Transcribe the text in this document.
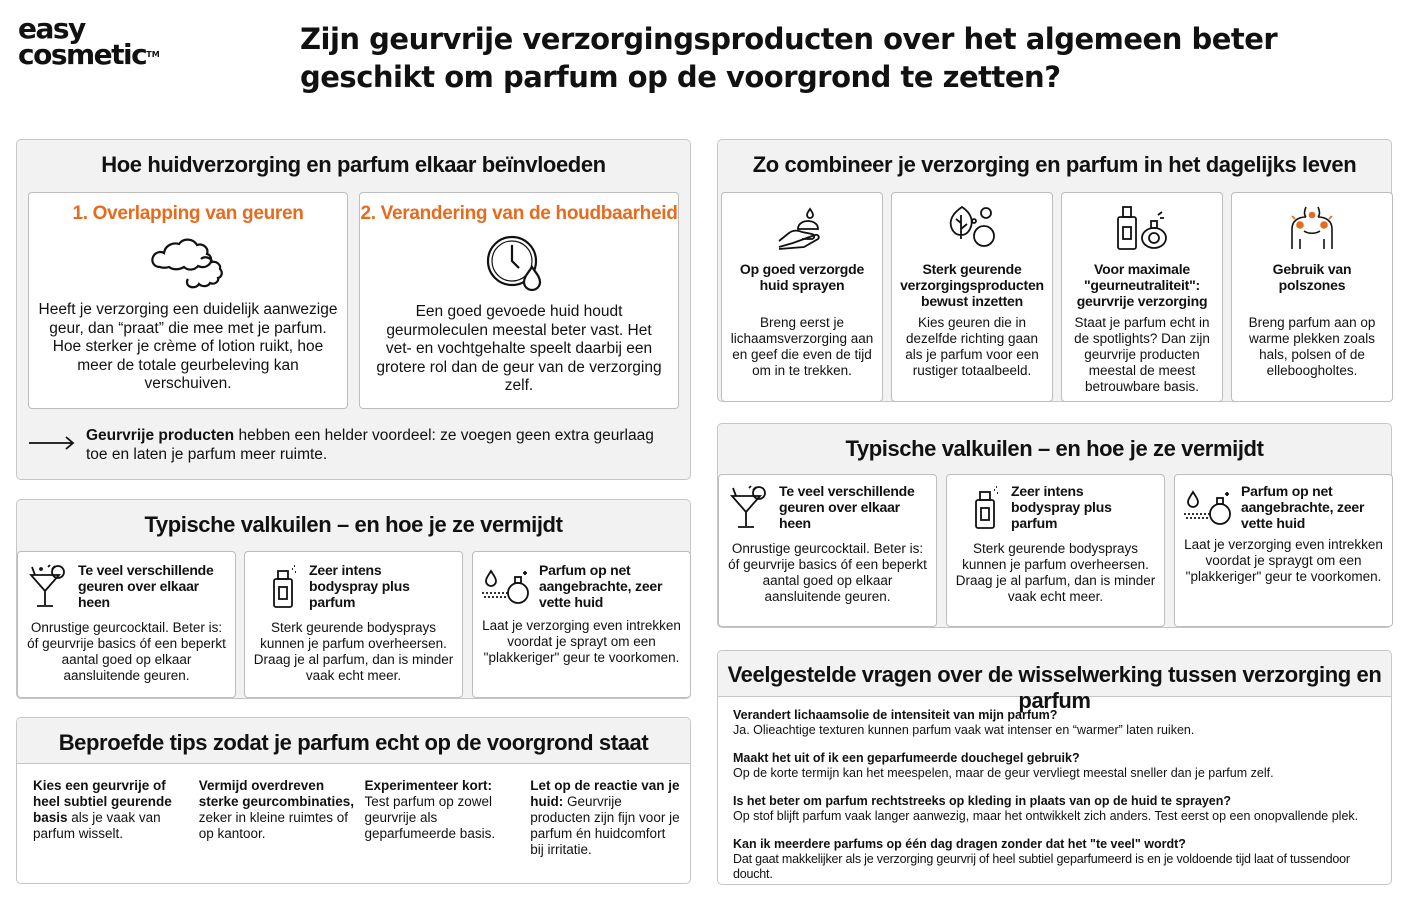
easy
cosmetic™	Zijn geurvrije verzorgingsproducten over het algemeen beter geschikt om parfum op de voorgrond te zetten?
Hoe huidverzorging en parfum elkaar beïnvloeden
1. Overlapping van geuren
Heeft je verzorging een duidelijk aanwezige geur, dan “praat” die mee met je parfum. Hoe sterker je crème of lotion ruikt, hoe meer de totale geurbeleving kan verschuiven.
2. Verandering van de houdbaarheid
Een goed gevoede huid houdt geurmoleculen meestal beter vast. Het vet- en vochtgehalte speelt daarbij een grotere rol dan de geur van de verzorging zelf.
Geurvrije producten hebben een helder voordeel: ze voegen geen extra geurlaag toe en laten je parfum meer ruimte.
Typische valkuilen – en hoe je ze vermijdt
Te veel verschillende geuren over elkaar heen
Onrustige geurcocktail. Beter is: óf geurvrije basics óf een beperkt aantal goed op elkaar aansluitende geuren.
Zeer intens bodyspray plus parfum
Sterk geurende bodysprays kunnen je parfum overheersen. Draag je al parfum, dan is minder vaak echt meer.
Parfum op net aangebrachte, zeer vette huid
Laat je verzorging even intrekken voordat je sprayt om een "plakkeriger" geur te voorkomen.
Beproefde tips zodat je parfum echt op de voorgrond staat
Kies een geurvrije of heel subtiel geurende basis als je vaak van parfum wisselt.
Vermijd overdreven sterke geurcombinaties, zeker in kleine ruimtes of op kantoor.
Experimenteer kort: Test parfum op zowel geurvrije als geparfumeerde basis.
Let op de reactie van je huid: Geurvrije producten zijn fijn voor je parfum én huidcomfort bij irritatie.
Zo combineer je verzorging en parfum in het dagelijks leven
Op goed verzorgde huid sprayen
Breng eerst je lichaamsverzorging aan en geef die even de tijd om in te trekken.
Sterk geurende verzorgingsproducten bewust inzetten
Kies geuren die in dezelfde richting gaan als je parfum voor een rustiger totaalbeeld.
Voor maximale "geurneutraliteit": geurvrije verzorging
Staat je parfum echt in de spotlights? Dan zijn geurvrije producten meestal de meest betrouwbare basis.
Gebruik van polszones
Breng parfum aan op warme plekken zoals hals, polsen of de elleboogholtes.
Typische valkuilen – en hoe je ze vermijdt
Te veel verschillende geuren over elkaar heen
Onrustige geurcocktail. Beter is: óf geurvrije basics óf een beperkt aantal goed op elkaar aansluitende geuren.
Zeer intens bodyspray plus parfum
Sterk geurende bodysprays kunnen je parfum overheersen. Draag je al parfum, dan is minder vaak echt meer.
Parfum op net aangebrachte, zeer vette huid
Laat je verzorging even intrekken voordat je spraygt om een "plakkeriger" geur te voorkomen.
Veelgestelde vragen over de wisselwerking tussen verzorging en parfum
Verandert lichaamsolie de intensiteit van mijn parfum?
Ja. Olieachtige texturen kunnen parfum vaak wat intenser en “warmer” laten ruiken.
Maakt het uit of ik een geparfumeerde douchegel gebruik?
Op de korte termijn kan het meespelen, maar de geur vervliegt meestal sneller dan je parfum zelf.
Is het beter om parfum rechtstreeks op kleding in plaats van op de huid te sprayen?
Op stof blijft parfum vaak langer aanwezig, maar het ontwikkelt zich anders. Test eerst op een onopvallende plek.
Kan ik meerdere parfums op één dag dragen zonder dat het "te veel" wordt?
Dat gaat makkelijker als je verzorging geurvrij of heel subtiel geparfumeerd is en je voldoende tijd laat of tussendoor doucht.
